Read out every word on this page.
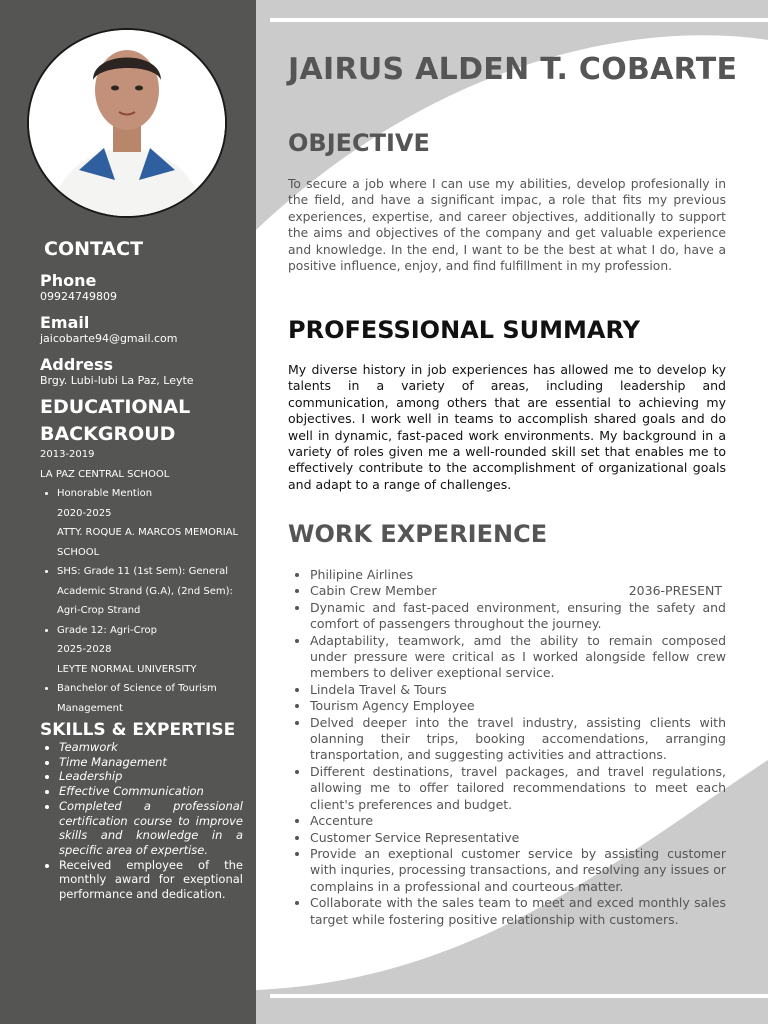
CONTACT
Phone
09924749809
Email
jaicobarte94@gmail.com
Address
Brgy. Lubi-lubi La Paz, Leyte
EDUCATIONAL
BACKGROUD
2013-2019
LA PAZ CENTRAL SCHOOL
• Honorable Mention
2020-2025
ATTY. ROQUE A. MARCOS MEMORIAL SCHOOL
• SHS: Grade 11 (1st Sem): General Academic Strand (G.A), (2nd Sem): Agri-Crop Strand
• Grade 12: Agri-Crop
2025-2028
LEYTE NORMAL UNIVERSITY
• Banchelor of Science of Tourism Management
SKILLS & EXPERTISE
• Teamwork
• Time Management
• Leadership
• Effective Communication
• Completed a professional certification course to improve skills and knowledge in a specific area of expertise.
• Received employee of the monthly award for exeptional performance and dedication.
JAIRUS ALDEN T. COBARTE
OBJECTIVE
To secure a job where I can use my abilities, develop profesionally in the field, and have a significant impac, a role that fits my previous experiences, expertise, and career objectives, additionally to support the aims and objectives of the company and get valuable experience and knowledge. In the end, I want to be the best at what I do, have a positive influence, enjoy, and find fulfillment in my profession.
PROFESSIONAL SUMMARY
My diverse history in job experiences has allowed me to develop ky talents in a variety of areas, including leadership and communication, among others that are essential to achieving my objectives. I work well in teams to accomplish shared goals and do well in dynamic, fast-paced work environments. My background in a variety of roles given me a well-rounded skill set that enables me to effectively contribute to the accomplishment of organizational goals and adapt to a range of challenges.
WORK EXPERIENCE
• Philipine Airlines
• Cabin Crew Member	2036-PRESENT
• Dynamic and fast-paced environment, ensuring the safety and comfort of passengers throughout the journey.
• Adaptability, teamwork, amd the ability to remain composed under pressure were critical as I worked alongside fellow crew members to deliver exeptional service.
• Lindela Travel & Tours
• Tourism Agency Employee
• Delved deeper into the travel industry, assisting clients with olanning their trips, booking accomendations, arranging transportation, and suggesting activities and attractions.
• Different destinations, travel packages, and travel regulations, allowing me to offer tailored recommendations to meet each client's preferences and budget.
• Accenture
• Customer Service Representative
• Provide an exeptional customer service by assisting customer with inquries, processing transactions, and resolving any issues or complains in a professional and courteous matter.
• Collaborate with the sales team to meet and exced monthly sales target while fostering positive relationship with customers.
